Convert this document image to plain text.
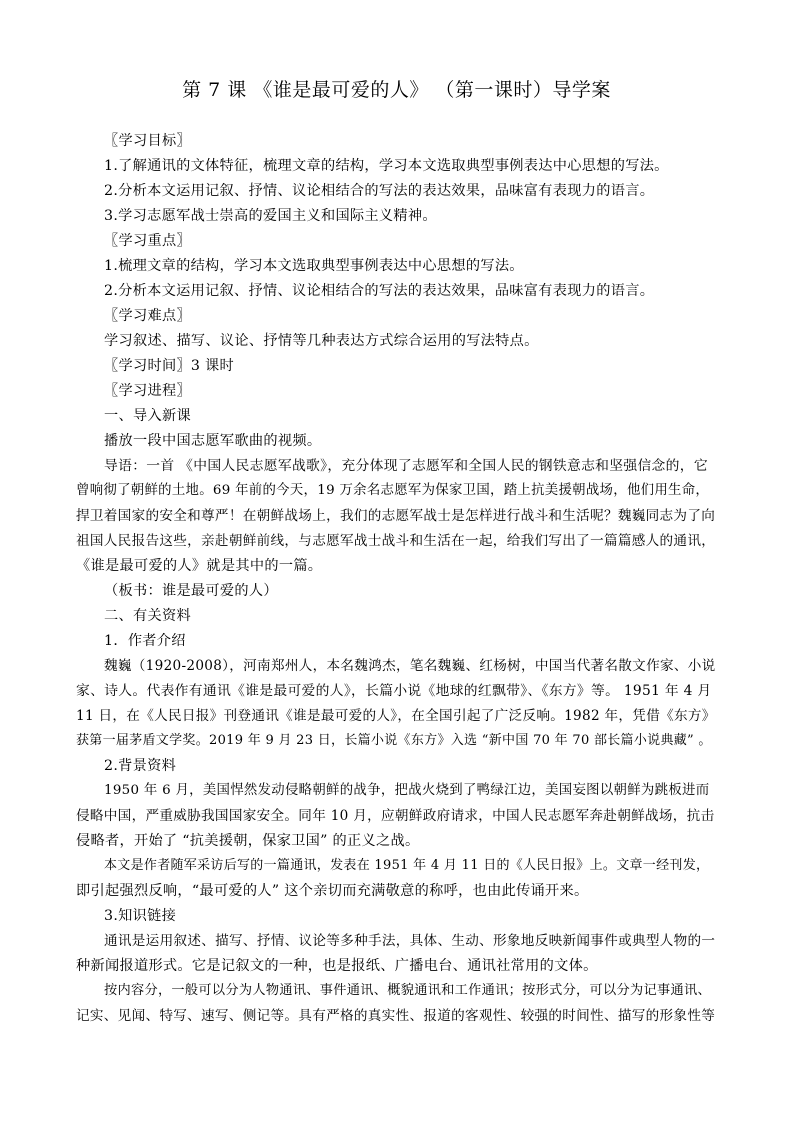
第 7 课 《谁是最可爱的人》 （第一课时）导学案
〖学习目标〗
1.了解通讯的文体特征，梳理文章的结构，学习本文选取典型事例表达中心思想的写法。
2.分析本文运用记叙、抒情、议论相结合的写法的表达效果，品味富有表现力的语言。
3.学习志愿军战士崇高的爱国主义和国际主义精神。
〖学习重点〗
1.梳理文章的结构，学习本文选取典型事例表达中心思想的写法。
2.分析本文运用记叙、抒情、议论相结合的写法的表达效果，品味富有表现力的语言。
〖学习难点〗
学习叙述、描写、议论、抒情等几种表达方式综合运用的写法特点。
〖学习时间〗3 课时
〖学习进程〗
一、导入新课
播放一段中国志愿军歌曲的视频。
导语：一首 《中国人民志愿军战歌》，充分体现了志愿军和全国人民的钢铁意志和坚强信念的，它
曾响彻了朝鲜的土地。69 年前的今天，19 万余名志愿军为保家卫国，踏上抗美援朝战场，他们用生命，
捍卫着国家的安全和尊严！在朝鲜战场上，我们的志愿军战士是怎样进行战斗和生活呢？魏巍同志为了向
祖国人民报告这些，亲赴朝鲜前线，与志愿军战士战斗和生活在一起，给我们写出了一篇篇感人的通讯，
《谁是最可爱的人》就是其中的一篇。
（板书：谁是最可爱的人）
二、有关资料
1．作者介绍
魏巍（1920-2008），河南郑州人，本名魏鸿杰，笔名魏巍、红杨树，中国当代著名散文作家、小说
家、诗人。代表作有通讯《谁是最可爱的人》，长篇小说《地球的红飘带》、《东方》等。 1951 年 4 月
11 日，在《人民日报》刊登通讯《谁是最可爱的人》，在全国引起了广泛反响。1982 年，凭借《东方》
获第一届茅盾文学奖。2019 年 9 月 23 日，长篇小说《东方》入选 “新中国 70 年 70 部长篇小说典藏” 。
2.背景资料
1950 年 6 月，美国悍然发动侵略朝鲜的战争，把战火烧到了鸭绿江边，美国妄图以朝鲜为跳板进而
侵略中国，严重威胁我国国家安全。同年 10 月，应朝鲜政府请求，中国人民志愿军奔赴朝鲜战场，抗击
侵略者，开始了 “抗美援朝，保家卫国” 的正义之战。
本文是作者随军采访后写的一篇通讯，发表在 1951 年 4 月 11 日的《人民日报》上。文章一经刊发，
即引起强烈反响，“最可爱的人” 这个亲切而充满敬意的称呼，也由此传诵开来。
3.知识链接
通讯是运用叙述、描写、抒情、议论等多种手法，具体、生动、形象地反映新闻事件或典型人物的一
种新闻报道形式。它是记叙文的一种，也是报纸、广播电台、通讯社常用的文体。
按内容分，一般可以分为人物通讯、事件通讯、概貌通讯和工作通讯；按形式分，可以分为记事通讯、
记实、见闻、特写、速写、侧记等。具有严格的真实性、报道的客观性、较强的时间性、描写的形象性等
